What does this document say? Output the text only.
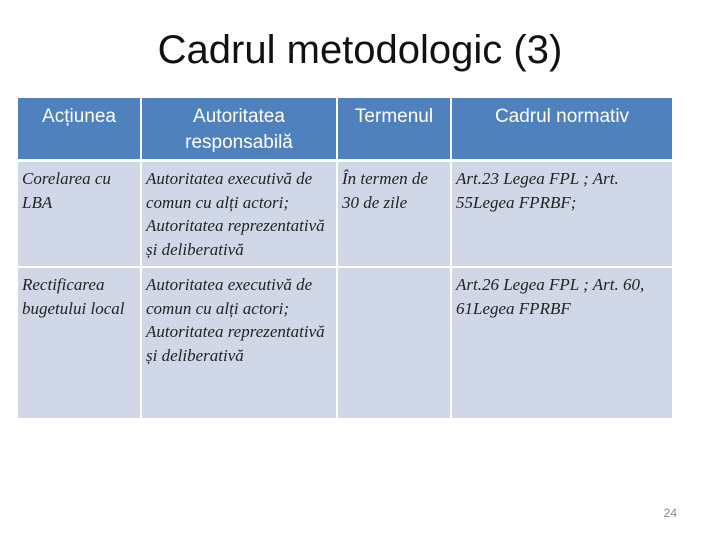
Cadrul metodologic (3)
Acțiunea	Autoritatea responsabilă	Termenul	Cadrul normativ
Corelarea cu LBA	Autoritatea executivă de comun cu alți actori; Autoritatea reprezentativă și deliberativă	În termen de 30 de zile	Art.23 Legea FPL ; Art. 55Legea FPRBF;
Rectificarea bugetului local	Autoritatea executivă de comun cu alți actori; Autoritatea reprezentativă și deliberativă		Art.26 Legea FPL ; Art. 60, 61Legea FPRBF
24
